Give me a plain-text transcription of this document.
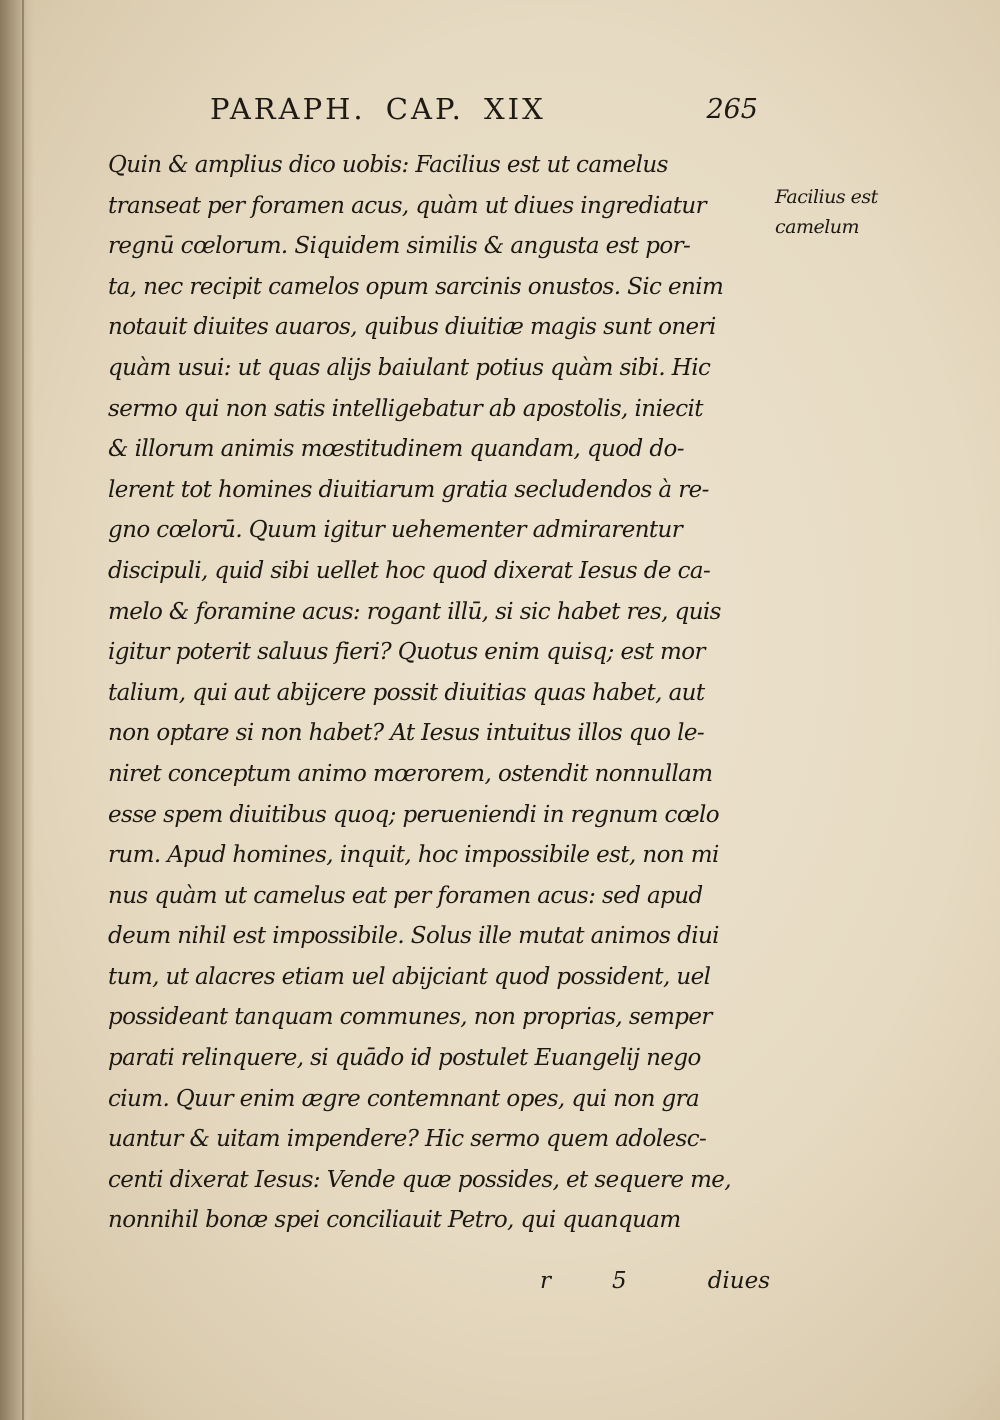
PARAPH. CAP. XIX	265
Quin & amplius dico uobis: Facilius est ut camelus
transeat per foramen acus, quàm ut diues ingrediatur
regnū cœlorum. Siquidem similis & angusta est por-
ta, nec recipit camelos opum sarcinis onustos. Sic enim
notauit diuites auaros, quibus diuitiæ magis sunt oneri
quàm usui: ut quas alijs baiulant potius quàm sibi. Hic
sermo qui non satis intelligebatur ab apostolis, iniecit
& illorum animis mœstitudinem quandam, quod do-
lerent tot homines diuitiarum gratia secludendos à re-
gno cœlorū. Quum igitur uehementer admirarentur
discipuli, quid sibi uellet hoc quod dixerat Iesus de ca-
melo & foramine acus: rogant illū, si sic habet res, quis
igitur poterit saluus fieri? Quotus enim quisq; est mor
talium, qui aut abijcere possit diuitias quas habet, aut
non optare si non habet? At Iesus intuitus illos quo le-
niret conceptum animo mœrorem, ostendit nonnullam
esse spem diuitibus quoq; perueniendi in regnum cœlo
rum. Apud homines, inquit, hoc impossibile est, non mi
nus quàm ut camelus eat per foramen acus: sed apud
deum nihil est impossibile. Solus ille mutat animos diui
tum, ut alacres etiam uel abijciant quod possident, uel
possideant tanquam communes, non proprias, semper
parati relinquere, si quādo id postulet Euangelij nego
cium. Quur enim ægre contemnant opes, qui non gra
uantur & uitam impendere? Hic sermo quem adolesc-
centi dixerat Iesus: Vende quæ possides, et sequere me,
nonnihil bonæ spei conciliauit Petro, qui quanquam
Facilius est
camelum
r	5	diues
